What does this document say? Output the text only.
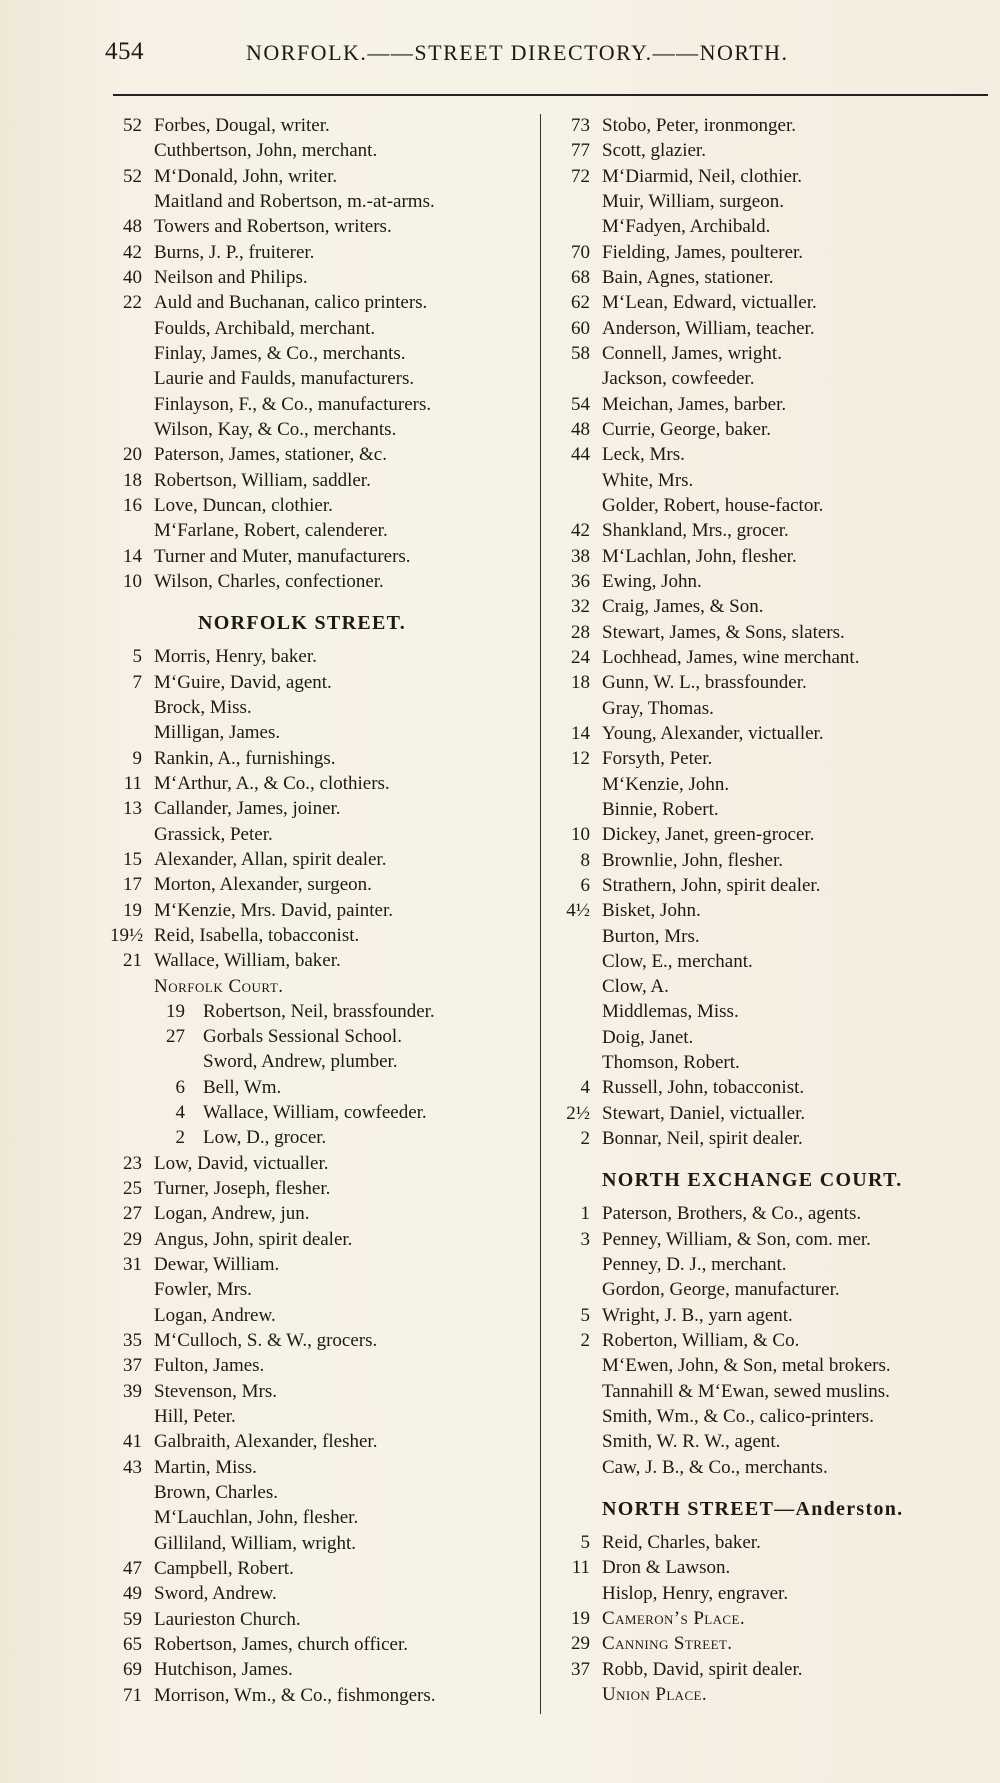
454	NORFOLK.——STREET DIRECTORY.——NORTH.
52 Forbes, Dougal, writer.
Cuthbertson, John, merchant.
52 M‘Donald, John, writer.
Maitland and Robertson, m.-at-arms.
48 Towers and Robertson, writers.
42 Burns, J. P., fruiterer.
40 Neilson and Philips.
22 Auld and Buchanan, calico printers.
Foulds, Archibald, merchant.
Finlay, James, & Co., merchants.
Laurie and Faulds, manufacturers.
Finlayson, F., & Co., manufacturers.
Wilson, Kay, & Co., merchants.
20 Paterson, James, stationer, &c.
18 Robertson, William, saddler.
16 Love, Duncan, clothier.
M‘Farlane, Robert, calenderer.
14 Turner and Muter, manufacturers.
10 Wilson, Charles, confectioner.
NORFOLK STREET.
5 Morris, Henry, baker.
7 M‘Guire, David, agent.
Brock, Miss.
Milligan, James.
9 Rankin, A., furnishings.
11 M‘Arthur, A., & Co., clothiers.
13 Callander, James, joiner.
Grassick, Peter.
15 Alexander, Allan, spirit dealer.
17 Morton, Alexander, surgeon.
19 M‘Kenzie, Mrs. David, painter.
19½ Reid, Isabella, tobacconist.
21 Wallace, William, baker.
Norfolk Court.
19 Robertson, Neil, brassfounder.
27 Gorbals Sessional School.
Sword, Andrew, plumber.
6 Bell, Wm.
4 Wallace, William, cowfeeder.
2 Low, D., grocer.
23 Low, David, victualler.
25 Turner, Joseph, flesher.
27 Logan, Andrew, jun.
29 Angus, John, spirit dealer.
31 Dewar, William.
Fowler, Mrs.
Logan, Andrew.
35 M‘Culloch, S. & W., grocers.
37 Fulton, James.
39 Stevenson, Mrs.
Hill, Peter.
41 Galbraith, Alexander, flesher.
43 Martin, Miss.
Brown, Charles.
M‘Lauchlan, John, flesher.
Gilliland, William, wright.
47 Campbell, Robert.
49 Sword, Andrew.
59 Laurieston Church.
65 Robertson, James, church officer.
69 Hutchison, James.
71 Morrison, Wm., & Co., fishmongers.
73 Stobo, Peter, ironmonger.
77 Scott, glazier.
72 M‘Diarmid, Neil, clothier.
Muir, William, surgeon.
M‘Fadyen, Archibald.
70 Fielding, James, poulterer.
68 Bain, Agnes, stationer.
62 M‘Lean, Edward, victualler.
60 Anderson, William, teacher.
58 Connell, James, wright.
Jackson, cowfeeder.
54 Meichan, James, barber.
48 Currie, George, baker.
44 Leck, Mrs.
White, Mrs.
Golder, Robert, house-factor.
42 Shankland, Mrs., grocer.
38 M‘Lachlan, John, flesher.
36 Ewing, John.
32 Craig, James, & Son.
28 Stewart, James, & Sons, slaters.
24 Lochhead, James, wine merchant.
18 Gunn, W. L., brassfounder.
Gray, Thomas.
14 Young, Alexander, victualler.
12 Forsyth, Peter.
M‘Kenzie, John.
Binnie, Robert.
10 Dickey, Janet, green-grocer.
8 Brownlie, John, flesher.
6 Strathern, John, spirit dealer.
4½ Bisket, John.
Burton, Mrs.
Clow, E., merchant.
Clow, A.
Middlemas, Miss.
Doig, Janet.
Thomson, Robert.
4 Russell, John, tobacconist.
2½ Stewart, Daniel, victualler.
2 Bonnar, Neil, spirit dealer.
NORTH EXCHANGE COURT.
1 Paterson, Brothers, & Co., agents.
3 Penney, William, & Son, com. mer.
Penney, D. J., merchant.
Gordon, George, manufacturer.
5 Wright, J. B., yarn agent.
2 Roberton, William, & Co.
M‘Ewen, John, & Son, metal brokers.
Tannahill & M‘Ewan, sewed muslins.
Smith, Wm., & Co., calico-printers.
Smith, W. R. W., agent.
Caw, J. B., & Co., merchants.
NORTH STREET—Anderston.
5 Reid, Charles, baker.
11 Dron & Lawson.
Hislop, Henry, engraver.
19 Cameron’s Place.
29 Canning Street.
37 Robb, David, spirit dealer.
Union Place.
